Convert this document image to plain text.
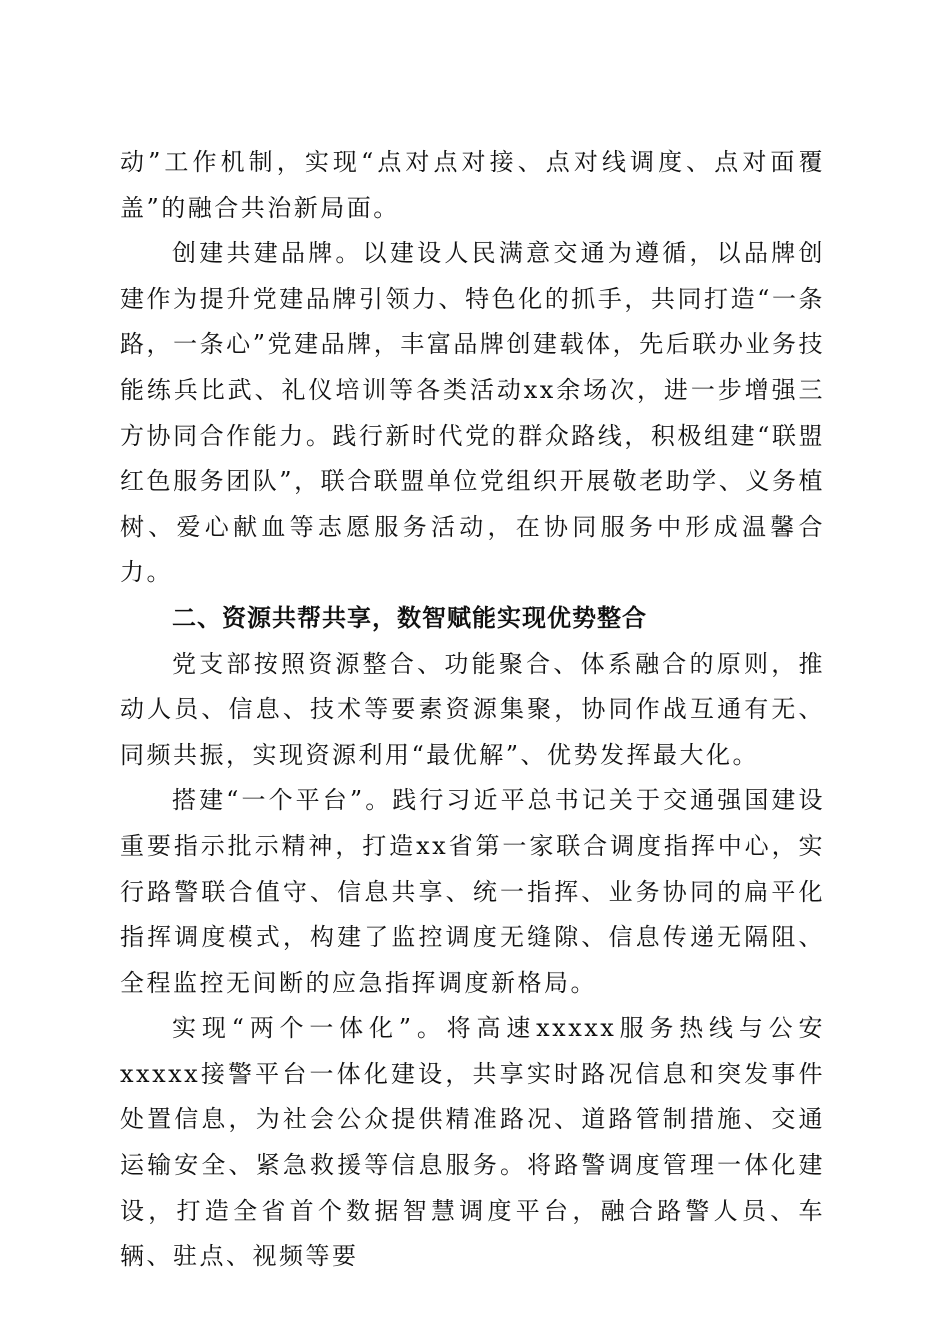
动”工作机制，实现“点对点对接、点对线调度、点对面覆盖”的融合共治新局面。

创建共建品牌。以建设人民满意交通为遵循，以品牌创建作为提升党建品牌引领力、特色化的抓手，共同打造“一条路，一条心”党建品牌，丰富品牌创建载体，先后联办业务技能练兵比武、礼仪培训等各类活动xx余场次，进一步增强三方协同合作能力。践行新时代党的群众路线，积极组建“联盟红色服务团队”，联合联盟单位党组织开展敬老助学、义务植树、爱心献血等志愿服务活动，在协同服务中形成温馨合力。

二、资源共帮共享，数智赋能实现优势整合

党支部按照资源整合、功能聚合、体系融合的原则，推动人员、信息、技术等要素资源集聚，协同作战互通有无、同频共振，实现资源利用“最优解”、优势发挥最大化。

搭建“一个平台”。践行习近平总书记关于交通强国建设重要指示批示精神，打造xx省第一家联合调度指挥中心，实行路警联合值守、信息共享、统一指挥、业务协同的扁平化指挥调度模式，构建了监控调度无缝隙、信息传递无隔阻、全程监控无间断的应急指挥调度新格局。

实现“两个一体化”。将高速xxxxx服务热线与公安xxxxx接警平台一体化建设，共享实时路况信息和突发事件处置信息，为社会公众提供精准路况、道路管制措施、交通运输安全、紧急救援等信息服务。将路警调度管理一体化建设，打造全省首个数据智慧调度平台，融合路警人员、车辆、驻点、视频等要
